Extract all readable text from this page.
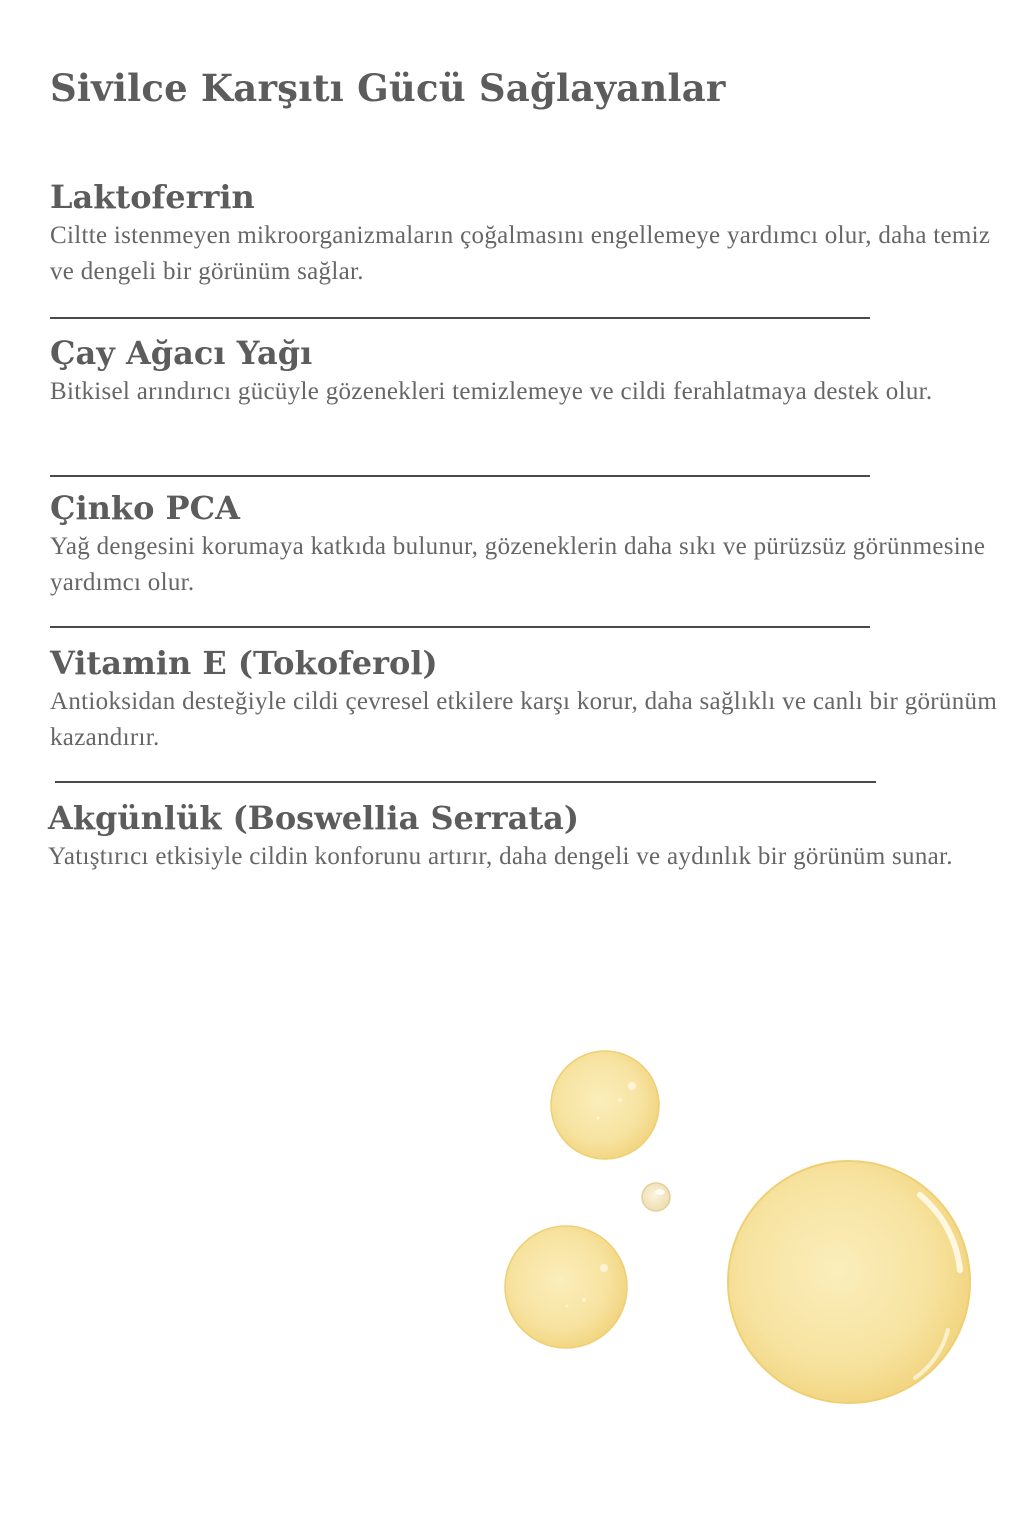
Sivilce Karşıtı Gücü Sağlayanlar
Laktoferrin

Ciltte istenmeyen mikroorganizmaların çoğalmasını engellemeye yardımcı olur, daha temiz ve dengeli bir görünüm sağlar.

Çay Ağacı Yağı

Bitkisel arındırıcı gücüyle gözenekleri temizlemeye ve cildi ferahlatmaya destek olur.

Çinko PCA

Yağ dengesini korumaya katkıda bulunur, gözeneklerin daha sıkı ve pürüzsüz görünmesine yardımcı olur.

Vitamin E (Tokoferol)

Antioksidan desteğiyle cildi çevresel etkilere karşı korur, daha sağlıklı ve canlı bir görünüm kazandırır.

Akgünlük (Boswellia Serrata)

Yatıştırıcı etkisiyle cildin konforunu artırır, daha dengeli ve aydınlık bir görünüm sunar.
